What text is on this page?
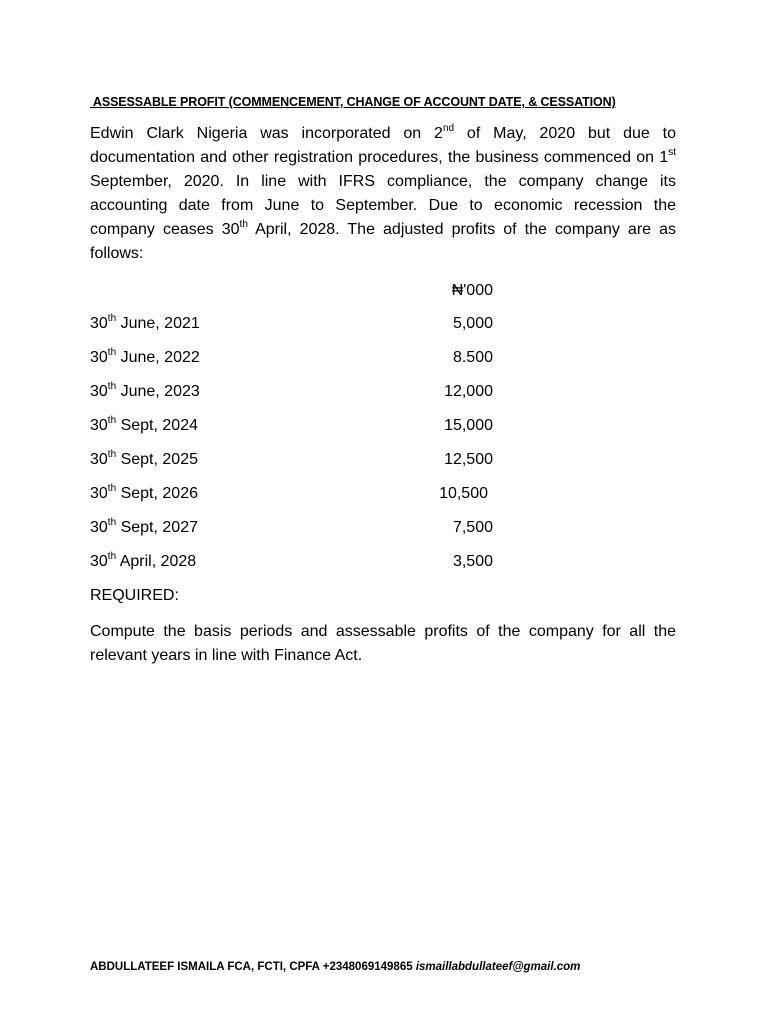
ASSESSABLE PROFIT (COMMENCEMENT, CHANGE OF ACCOUNT DATE, & CESSATION)

Edwin Clark Nigeria was incorporated on 2nd of May, 2020 but due to documentation and other registration procedures, the business commenced on 1st September, 2020. In line with IFRS compliance, the company change its accounting date from June to September. Due to economic recession the company ceases 30th April, 2028. The adjusted profits of the company are as follows:

₦'000
30th June, 2021	5,000
30th June, 2022	8.500
30th June, 2023	12,000
30th Sept, 2024	15,000
30th Sept, 2025	12,500
30th Sept, 2026	10,500
30th Sept, 2027	7,500
30th April, 2028	3,500
REQUIRED:

Compute the basis periods and assessable profits of the company for all the relevant years in line with Finance Act.

ABDULLATEEF ISMAILA FCA, FCTI, CPFA +2348069149865 ismaillabdullateef@gmail.com
